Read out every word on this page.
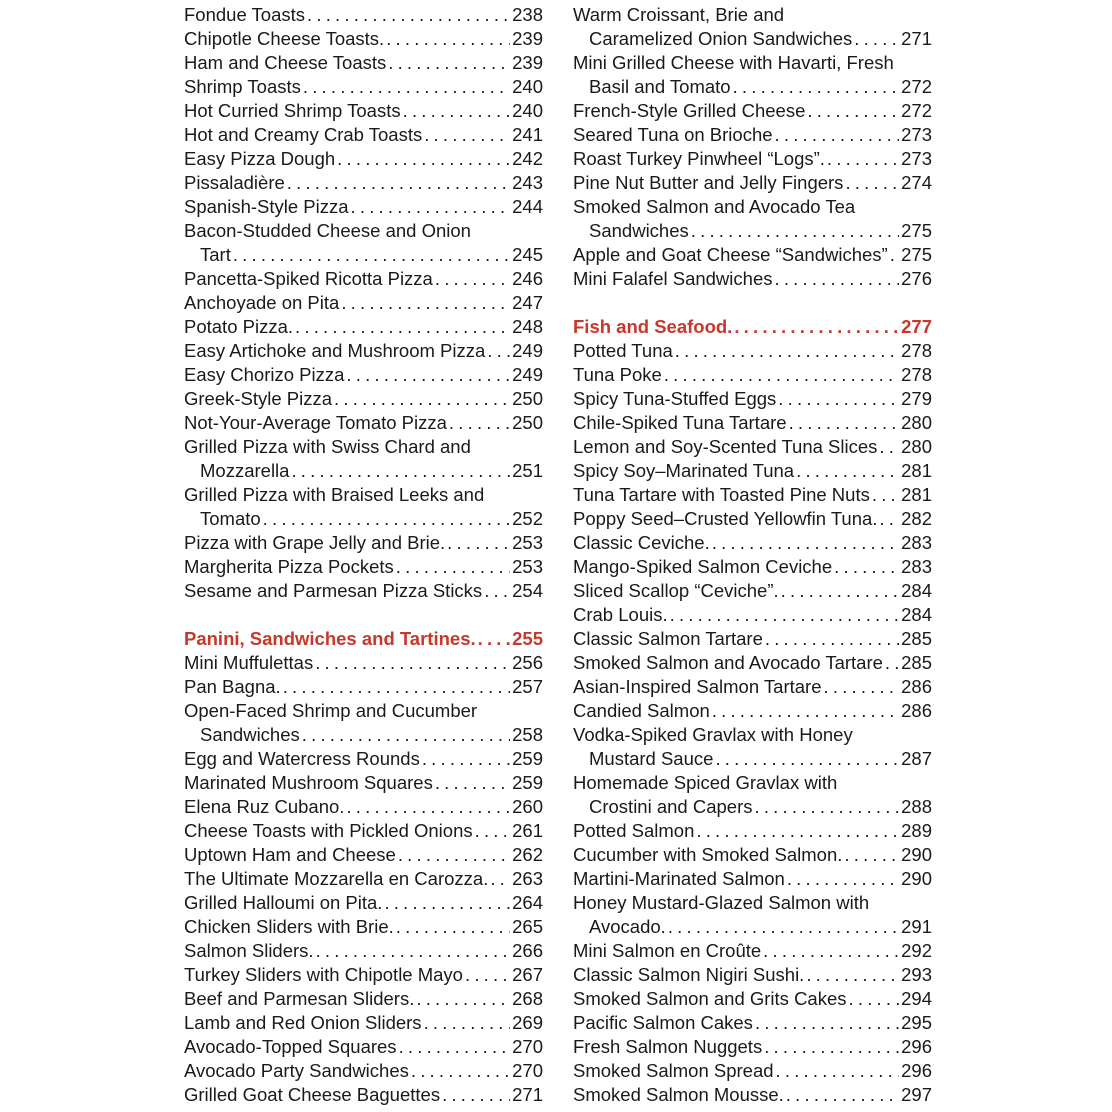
Fondue Toasts .....	238
Chipotle Cheese Toasts. .....	239
Ham and Cheese Toasts .....	239
Shrimp Toasts .....	240
Hot Curried Shrimp Toasts .....	240
Hot and Creamy Crab Toasts .....	241
Easy Pizza Dough .....	242
Pissaladière .....	243
Spanish-Style Pizza .....	244
Bacon-Studded Cheese and Onion
Tart .....	245
Pancetta-Spiked Ricotta Pizza .....	246
Anchoyade on Pita .....	247
Potato Pizza. .....	248
Easy Artichoke and Mushroom Pizza ..... 249
Easy Chorizo Pizza .....	249
Greek-Style Pizza .....	250
Not-Your-Average Tomato Pizza .....	250
Grilled Pizza with Swiss Chard and
Mozzarella .....	251
Grilled Pizza with Braised Leeks and
Tomato .....	252
Pizza with Grape Jelly and Brie. .....	253
Margherita Pizza Pockets .....	253
Sesame and Parmesan Pizza Sticks ..... 254
Panini, Sandwiches and Tartines. ..... 255
Mini Muffulettas .....	256
Pan Bagna. .....	257
Open-Faced Shrimp and Cucumber
Sandwiches .....	258
Egg and Watercress Rounds .....	259
Marinated Mushroom Squares .....	259
Elena Ruz Cubano. .....	260
Cheese Toasts with Pickled Onions ..... 261
Uptown Ham and Cheese .....	262
The Ultimate Mozzarella en Carozza. ..... 263
Grilled Halloumi on Pita. .....	264
Chicken Sliders with Brie. .....	265
Salmon Sliders. .....	266
Turkey Sliders with Chipotle Mayo .....	267
Beef and Parmesan Sliders. .....	268
Lamb and Red Onion Sliders .....	269
Avocado-Topped Squares .....	270
Avocado Party Sandwiches .....	270
Grilled Goat Cheese Baguettes .....	271
Warm Croissant, Brie and
Caramelized Onion Sandwiches .....	271
Mini Grilled Cheese with Havarti, Fresh
Basil and Tomato .....	272
French-Style Grilled Cheese .....	272
Seared Tuna on Brioche .....	273
Roast Turkey Pinwheel “Logs”. .....	273
Pine Nut Butter and Jelly Fingers .....	274
Smoked Salmon and Avocado Tea
Sandwiches .....	275
Apple and Goat Cheese “Sandwiches” ..... 275
Mini Falafel Sandwiches .....	276
Fish and Seafood. .....	277
Potted Tuna .....	278
Tuna Poke .....	278
Spicy Tuna-Stuffed Eggs .....	279
Chile-Spiked Tuna Tartare .....	280
Lemon and Soy-Scented Tuna Slices ..... 280
Spicy Soy–Marinated Tuna .....	281
Tuna Tartare with Toasted Pine Nuts ..... 281
Poppy Seed–Crusted Yellowfin Tuna. ..... 282
Classic Ceviche. .....	283
Mango-Spiked Salmon Ceviche .....	283
Sliced Scallop “Ceviche”. .....	284
Crab Louis. .....	284
Classic Salmon Tartare .....	285
Smoked Salmon and Avocado Tartare ..... 285
Asian-Inspired Salmon Tartare .....	286
Candied Salmon .....	286
Vodka-Spiked Gravlax with Honey
Mustard Sauce .....	287
Homemade Spiced Gravlax with
Crostini and Capers .....	288
Potted Salmon .....	289
Cucumber with Smoked Salmon. .....	290
Martini-Marinated Salmon .....	290
Honey Mustard-Glazed Salmon with
Avocado. .....	291
Mini Salmon en Croûte .....	292
Classic Salmon Nigiri Sushi. .....	293
Smoked Salmon and Grits Cakes .....	294
Pacific Salmon Cakes .....	295
Fresh Salmon Nuggets .....	296
Smoked Salmon Spread .....	296
Smoked Salmon Mousse. .....	297
